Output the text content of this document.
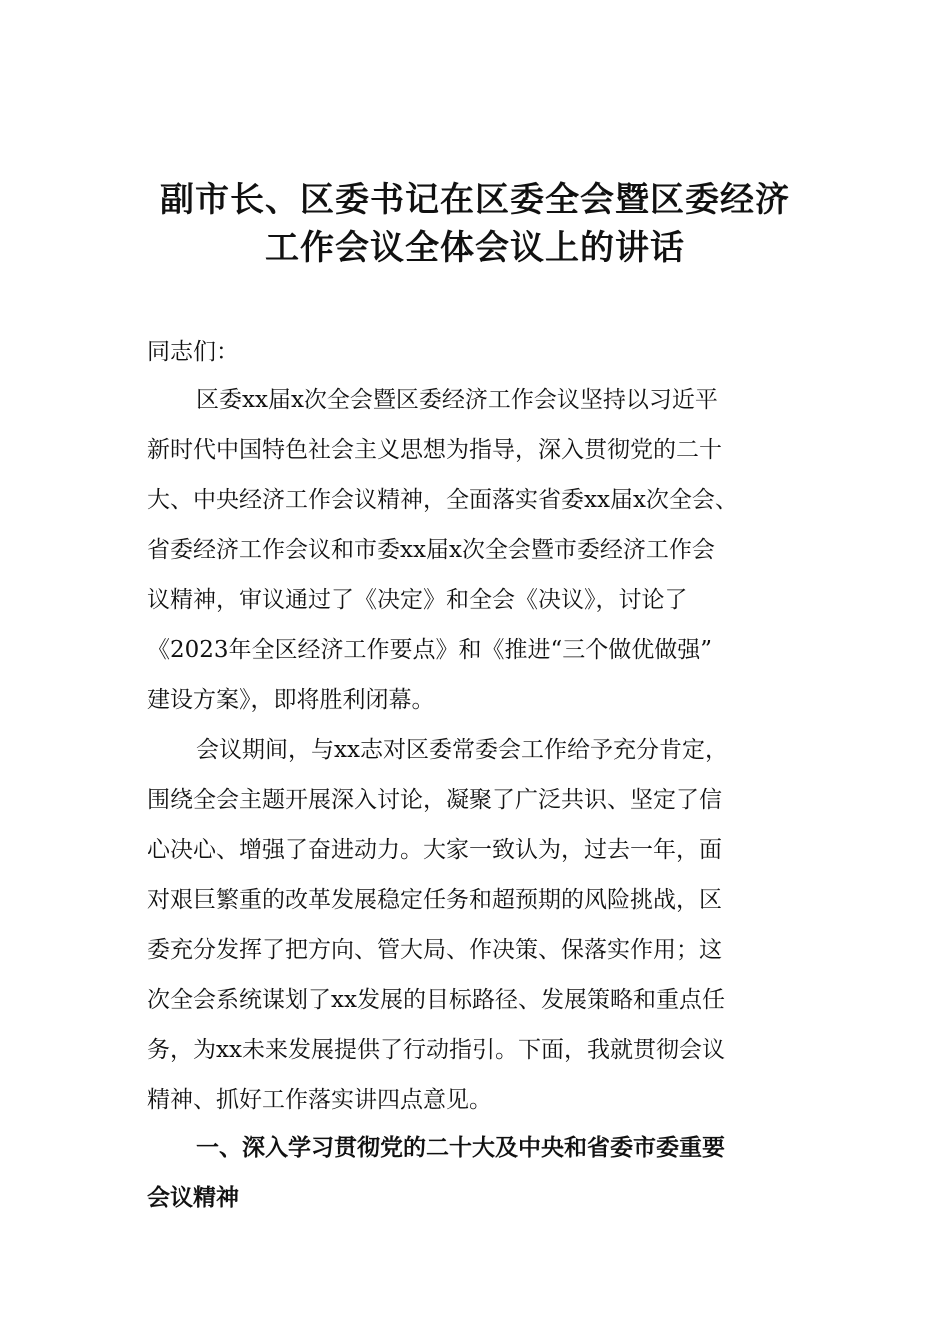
副市长、区委书记在区委全会暨区委经济
工作会议全体会议上的讲话
同志们：
区委xx届x次全会暨区委经济工作会议坚持以习近平
新时代中国特色社会主义思想为指导，深入贯彻党的二十
大、中央经济工作会议精神，全面落实省委xx届x次全会、
省委经济工作会议和市委xx届x次全会暨市委经济工作会
议精神，审议通过了《决定》和全会《决议》，讨论了
《2023年全区经济工作要点》和《推进“三个做优做强”
建设方案》，即将胜利闭幕。
会议期间，与xx志对区委常委会工作给予充分肯定，
围绕全会主题开展深入讨论，凝聚了广泛共识、坚定了信
心决心、增强了奋进动力。大家一致认为，过去一年，面
对艰巨繁重的改革发展稳定任务和超预期的风险挑战，区
委充分发挥了把方向、管大局、作决策、保落实作用；这
次全会系统谋划了xx发展的目标路径、发展策略和重点任
务，为xx未来发展提供了行动指引。下面，我就贯彻会议
精神、抓好工作落实讲四点意见。
一、深入学习贯彻党的二十大及中央和省委市委重要
会议精神
